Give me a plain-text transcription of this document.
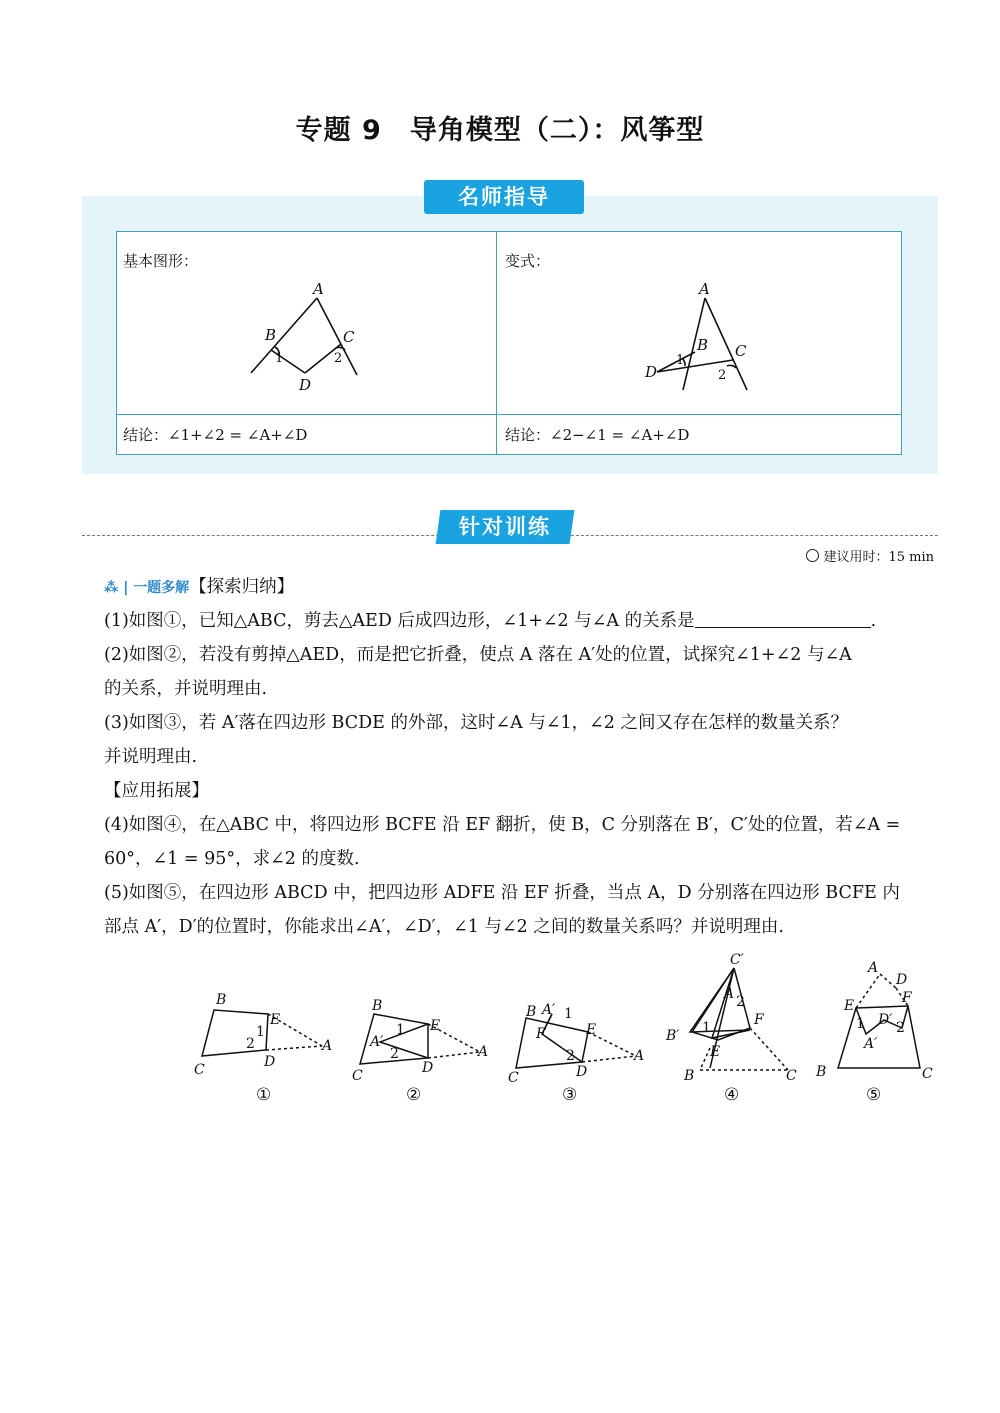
专题 9 导角模型（二）：风筝型
名师指导
基本图形：	变式：
A
B	C
D
1	2
A
B C
D
1
2
结论：∠1+∠2 = ∠A+∠D	结论：∠2−∠1 = ∠A+∠D
针对训练
建议用时：15 min
⁂ | 一题多解【探索归纳】
(1)如图①，已知△ABC，剪去△AED 后成四边形，∠1+∠2 与∠A 的关系是	.
(2)如图②，若没有剪掉△AED，而是把它折叠，使点 A 落在 A′处的位置，试探究∠1+∠2 与∠A
的关系，并说明理由.
(3)如图③，若 A′落在四边形 BCDE 的外部，这时∠A 与∠1，∠2 之间又存在怎样的数量关系？
并说明理由.
【应用拓展】
(4)如图④，在△ABC 中，将四边形 BCFE 沿 EF 翻折，使 B，C 分别落在 B′，C′处的位置，若∠A =
60°，∠1 = 95°，求∠2 的度数.
(5)如图⑤，在四边形 ABCD 中，把四边形 ADFE 沿 EF 折叠，当点 A，D 分别落在四边形 BCFE 内
部点 A′，D′的位置时，你能求出∠A′，∠D′，∠1 与∠2 之间的数量关系吗？并说明理由.
B
E
1
2
C	D
A
B
E
A′
1
2
C	D
A
B A′ 1
F	E
2
C	D
A
C′
A 2
F
B′ 1
E
B	C
A
D
E	F
1 D′ 2
A′
B	C
①	②	③	④	⑤
